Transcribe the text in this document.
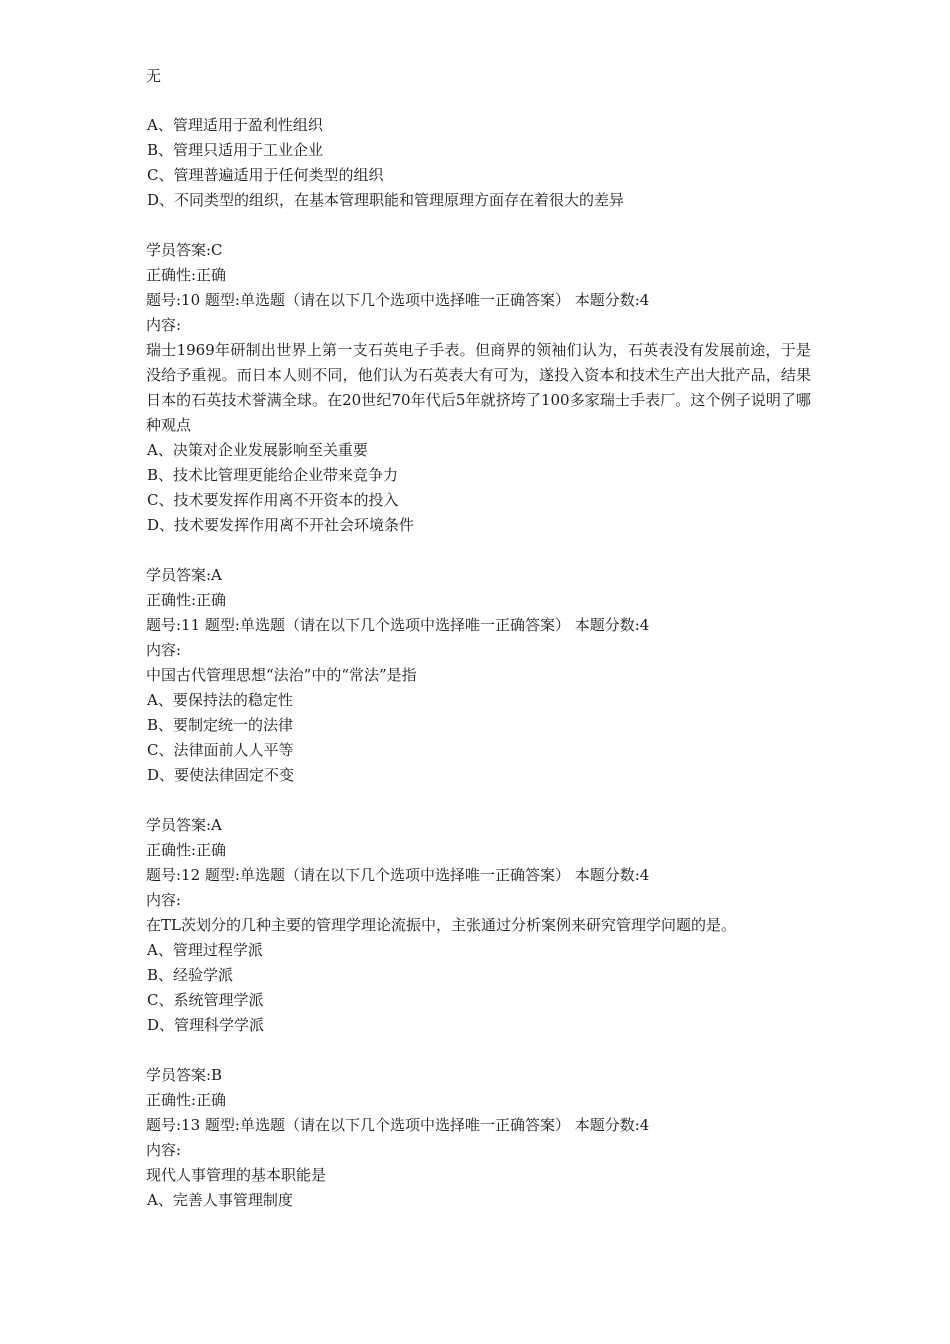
无

A、管理适用于盈利性组织

B、管理只适用于工业企业

C、管理普遍适用于任何类型的组织

D、不同类型的组织，在基本管理职能和管理原理方面存在着很大的差异

学员答案:C

正确性:正确

题号:10 题型:单选题（请在以下几个选项中选择唯一正确答案） 本题分数:4

内容:

瑞士1969年研制出世界上第一支石英电子手表。但商界的领袖们认为，石英表没有发展前途，于是没给予重视。而日本人则不同，他们认为石英表大有可为，遂投入资本和技术生产出大批产品，结果日本的石英技术誉满全球。在20世纪70年代后5年就挤垮了100多家瑞士手表厂。这个例子说明了哪种观点

A、决策对企业发展影响至关重要

B、技术比管理更能给企业带来竞争力

C、技术要发挥作用离不开资本的投入

D、技术要发挥作用离不开社会环境条件

学员答案:A

正确性:正确

题号:11 题型:单选题（请在以下几个选项中选择唯一正确答案） 本题分数:4

内容:

中国古代管理思想“法治”中的“常法”是指

A、要保持法的稳定性

B、要制定统一的法律

C、法律面前人人平等

D、要使法律固定不变

学员答案:A

正确性:正确

题号:12 题型:单选题（请在以下几个选项中选择唯一正确答案） 本题分数:4

内容:

在TL茨划分的几种主要的管理学理论流振中，主张通过分析案例来研究管理学问题的是。

A、管理过程学派

B、经验学派

C、系统管理学派

D、管理科学学派

学员答案:B

正确性:正确

题号:13 题型:单选题（请在以下几个选项中选择唯一正确答案） 本题分数:4

内容:

现代人事管理的基本职能是

A、完善人事管理制度
